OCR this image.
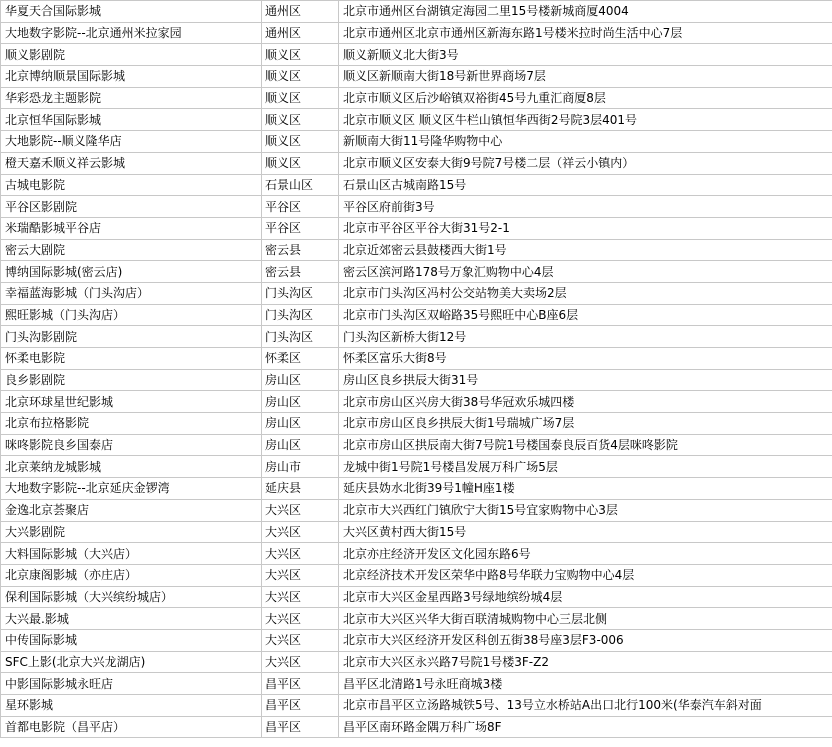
华夏天合国际影城	通州区	北京市通州区台湖镇定海园二里15号楼新城商厦4004
大地数字影院--北京通州米拉家园	通州区	北京市通州区北京市通州区新海东路1号楼米拉时尚生活中心7层
顺义影剧院	顺义区	顺义新顺义北大街3号
北京博纳顺景国际影城	顺义区	顺义区新顺南大街18号新世界商场7层
华彩恐龙主题影院	顺义区	北京市顺义区后沙峪镇双裕街45号九重汇商厦8层
北京恒华国际影城	顺义区	北京市顺义区 顺义区牛栏山镇恒华西街2号院3层401号
大地影院--顺义隆华店	顺义区	新顺南大街11号隆华购物中心
橙天嘉禾顺义祥云影城	顺义区	北京市顺义区安泰大街9号院7号楼二层（祥云小镇内）
古城电影院	石景山区	石景山区古城南路15号
平谷区影剧院	平谷区	平谷区府前街3号
米瑞酷影城平谷店	平谷区	北京市平谷区平谷大街31号2-1
密云大剧院	密云县	北京近郊密云县鼓楼西大街1号
博纳国际影城(密云店)	密云县	密云区滨河路178号万象汇购物中心4层
幸福蓝海影城（门头沟店）	门头沟区	北京市门头沟区冯村公交站物美大卖场2层
熙旺影城（门头沟店）	门头沟区	北京市门头沟区双峪路35号熙旺中心B座6层
门头沟影剧院	门头沟区	门头沟区新桥大街12号
怀柔电影院	怀柔区	怀柔区富乐大街8号
良乡影剧院	房山区	房山区良乡拱辰大街31号
北京环球星世纪影城	房山区	北京市房山区兴房大街38号华冠欢乐城四楼
北京布拉格影院	房山区	北京市房山区良乡拱辰大街1号瑞城广场7层
咪咚影院良乡国泰店	房山区	北京市房山区拱辰南大街7号院1号楼国泰良辰百货4层咪咚影院
北京莱纳龙城影城	房山市	龙城中街1号院1号楼昌发展万科广场5层
大地数字影院--北京延庆金锣湾	延庆县	延庆县妫水北街39号1幢H座1楼
金逸北京荟聚店	大兴区	北京市大兴西红门镇欣宁大街15号宜家购物中心3层
大兴影剧院	大兴区	大兴区黄村西大街15号
大料国际影城（大兴店）	大兴区	北京亦庄经济开发区文化园东路6号
北京康阁影城（亦庄店）	大兴区	北京经济技术开发区荣华中路8号华联力宝购物中心4层
保利国际影城（大兴缤纷城店）	大兴区	北京市大兴区金星西路3号绿地缤纷城4层
大兴最.影城	大兴区	北京市大兴区兴华大街百联清城购物中心三层北侧
中传国际影城	大兴区	北京市大兴区经济开发区科创五街38号座3层F3-006
SFC上影(北京大兴龙湖店)	大兴区	北京市大兴区永兴路7号院1号楼3F-Z2
中影国际影城永旺店	昌平区	昌平区北清路1号永旺商城3楼
星环影城	昌平区	北京市昌平区立汤路城铁5号、13号立水桥站A出口北行100米(华泰汽车斜对面
首都电影院（昌平店）	昌平区	昌平区南环路金隅万科广场8F
